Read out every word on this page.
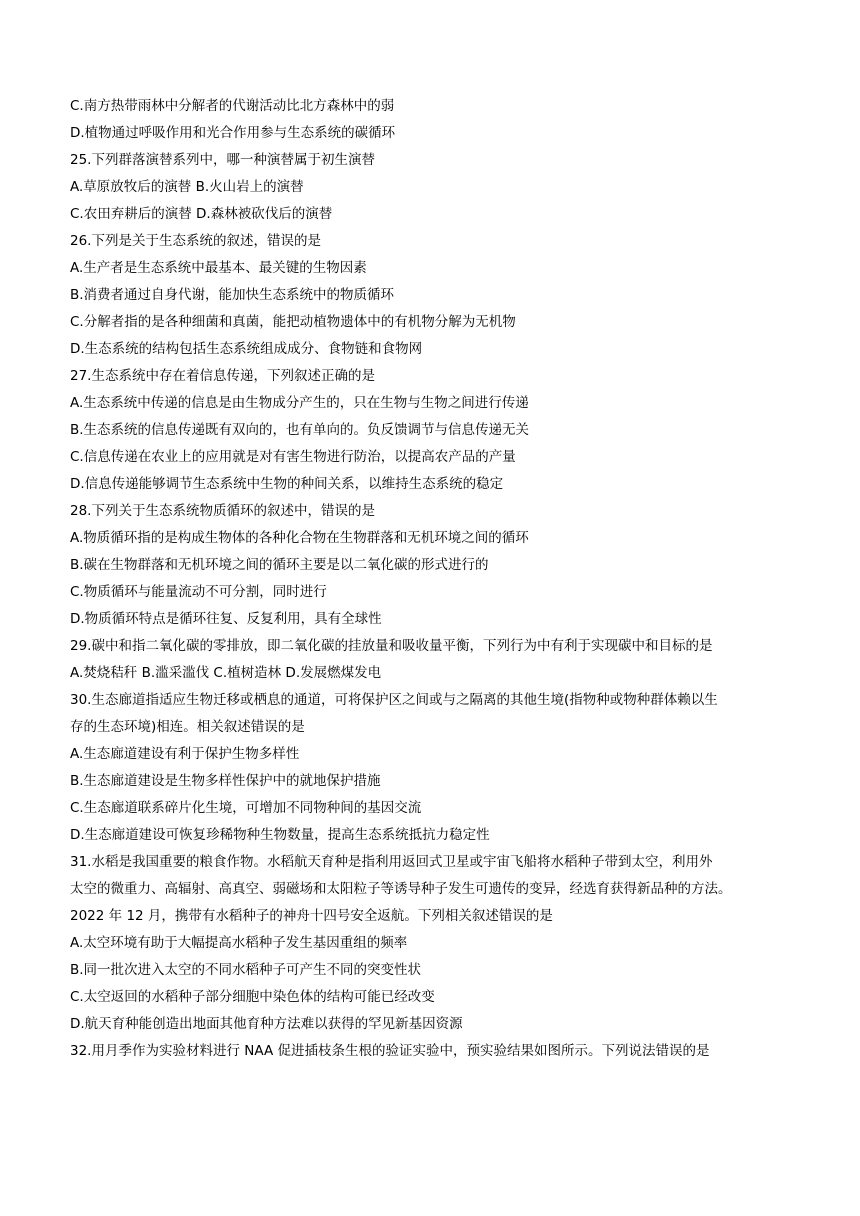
C.南方热带雨林中分解者的代谢活动比北方森林中的弱
D.植物通过呼吸作用和光合作用参与生态系统的碳循环
25.下列群落演替系列中，哪一种演替属于初生演替
A.草原放牧后的演替 B.火山岩上的演替
C.农田弃耕后的演替 D.森林被砍伐后的演替
26.下列是关于生态系统的叙述，错误的是
A.生产者是生态系统中最基本、最关键的生物因素
B.消费者通过自身代谢，能加快生态系统中的物质循环
C.分解者指的是各种细菌和真菌，能把动植物遗体中的有机物分解为无机物
D.生态系统的结构包括生态系统组成成分、食物链和食物网
27.生态系统中存在着信息传递，下列叙述正确的是
A.生态系统中传递的信息是由生物成分产生的，只在生物与生物之间进行传递
B.生态系统的信息传递既有双向的，也有单向的。负反馈调节与信息传递无关
C.信息传递在农业上的应用就是对有害生物进行防治，以提高农产品的产量
D.信息传递能够调节生态系统中生物的种间关系，以维持生态系统的稳定
28.下列关于生态系统物质循环的叙述中，错误的是
A.物质循环指的是构成生物体的各种化合物在生物群落和无机环境之间的循环
B.碳在生物群落和无机环境之间的循环主要是以二氧化碳的形式进行的
C.物质循环与能量流动不可分割，同时进行
D.物质循环特点是循环往复、反复利用，具有全球性
29.碳中和指二氧化碳的零排放，即二氧化碳的挂放量和吸收量平衡，下列行为中有利于实现碳中和目标的是
A.焚烧秸秆 B.滥采滥伐 C.植树造林 D.发展燃煤发电
30.生态廊道指适应生物迁移或栖息的通道，可将保护区之间或与之隔离的其他生境(指物种或物种群体赖以生
存的生态环境)相连。相关叙述错误的是
A.生态廊道建设有利于保护生物多样性
B.生态廊道建设是生物多样性保护中的就地保护措施
C.生态廊道联系碎片化生境，可增加不同物种间的基因交流
D.生态廊道建设可恢复珍稀物种生物数量，提高生态系统抵抗力稳定性
31.水稻是我国重要的粮食作物。水稻航天育种是指利用返回式卫星或宇宙飞船将水稻种子带到太空，利用外
太空的微重力、高辐射、高真空、弱磁场和太阳粒子等诱导种子发生可遗传的变异，经选育获得新品种的方法。
2022 年 12 月，携带有水稻种子的神舟十四号安全返航。下列相关叙述错误的是
A.太空环境有助于大幅提高水稻种子发生基因重组的频率
B.同一批次进入太空的不同水稻种子可产生不同的突变性状
C.太空返回的水稻种子部分细胞中染色体的结构可能已经改变
D.航天育种能创造出地面其他育种方法难以获得的罕见新基因资源
32.用月季作为实验材料进行 NAA 促进插枝条生根的验证实验中，预实验结果如图所示。下列说法错误的是
